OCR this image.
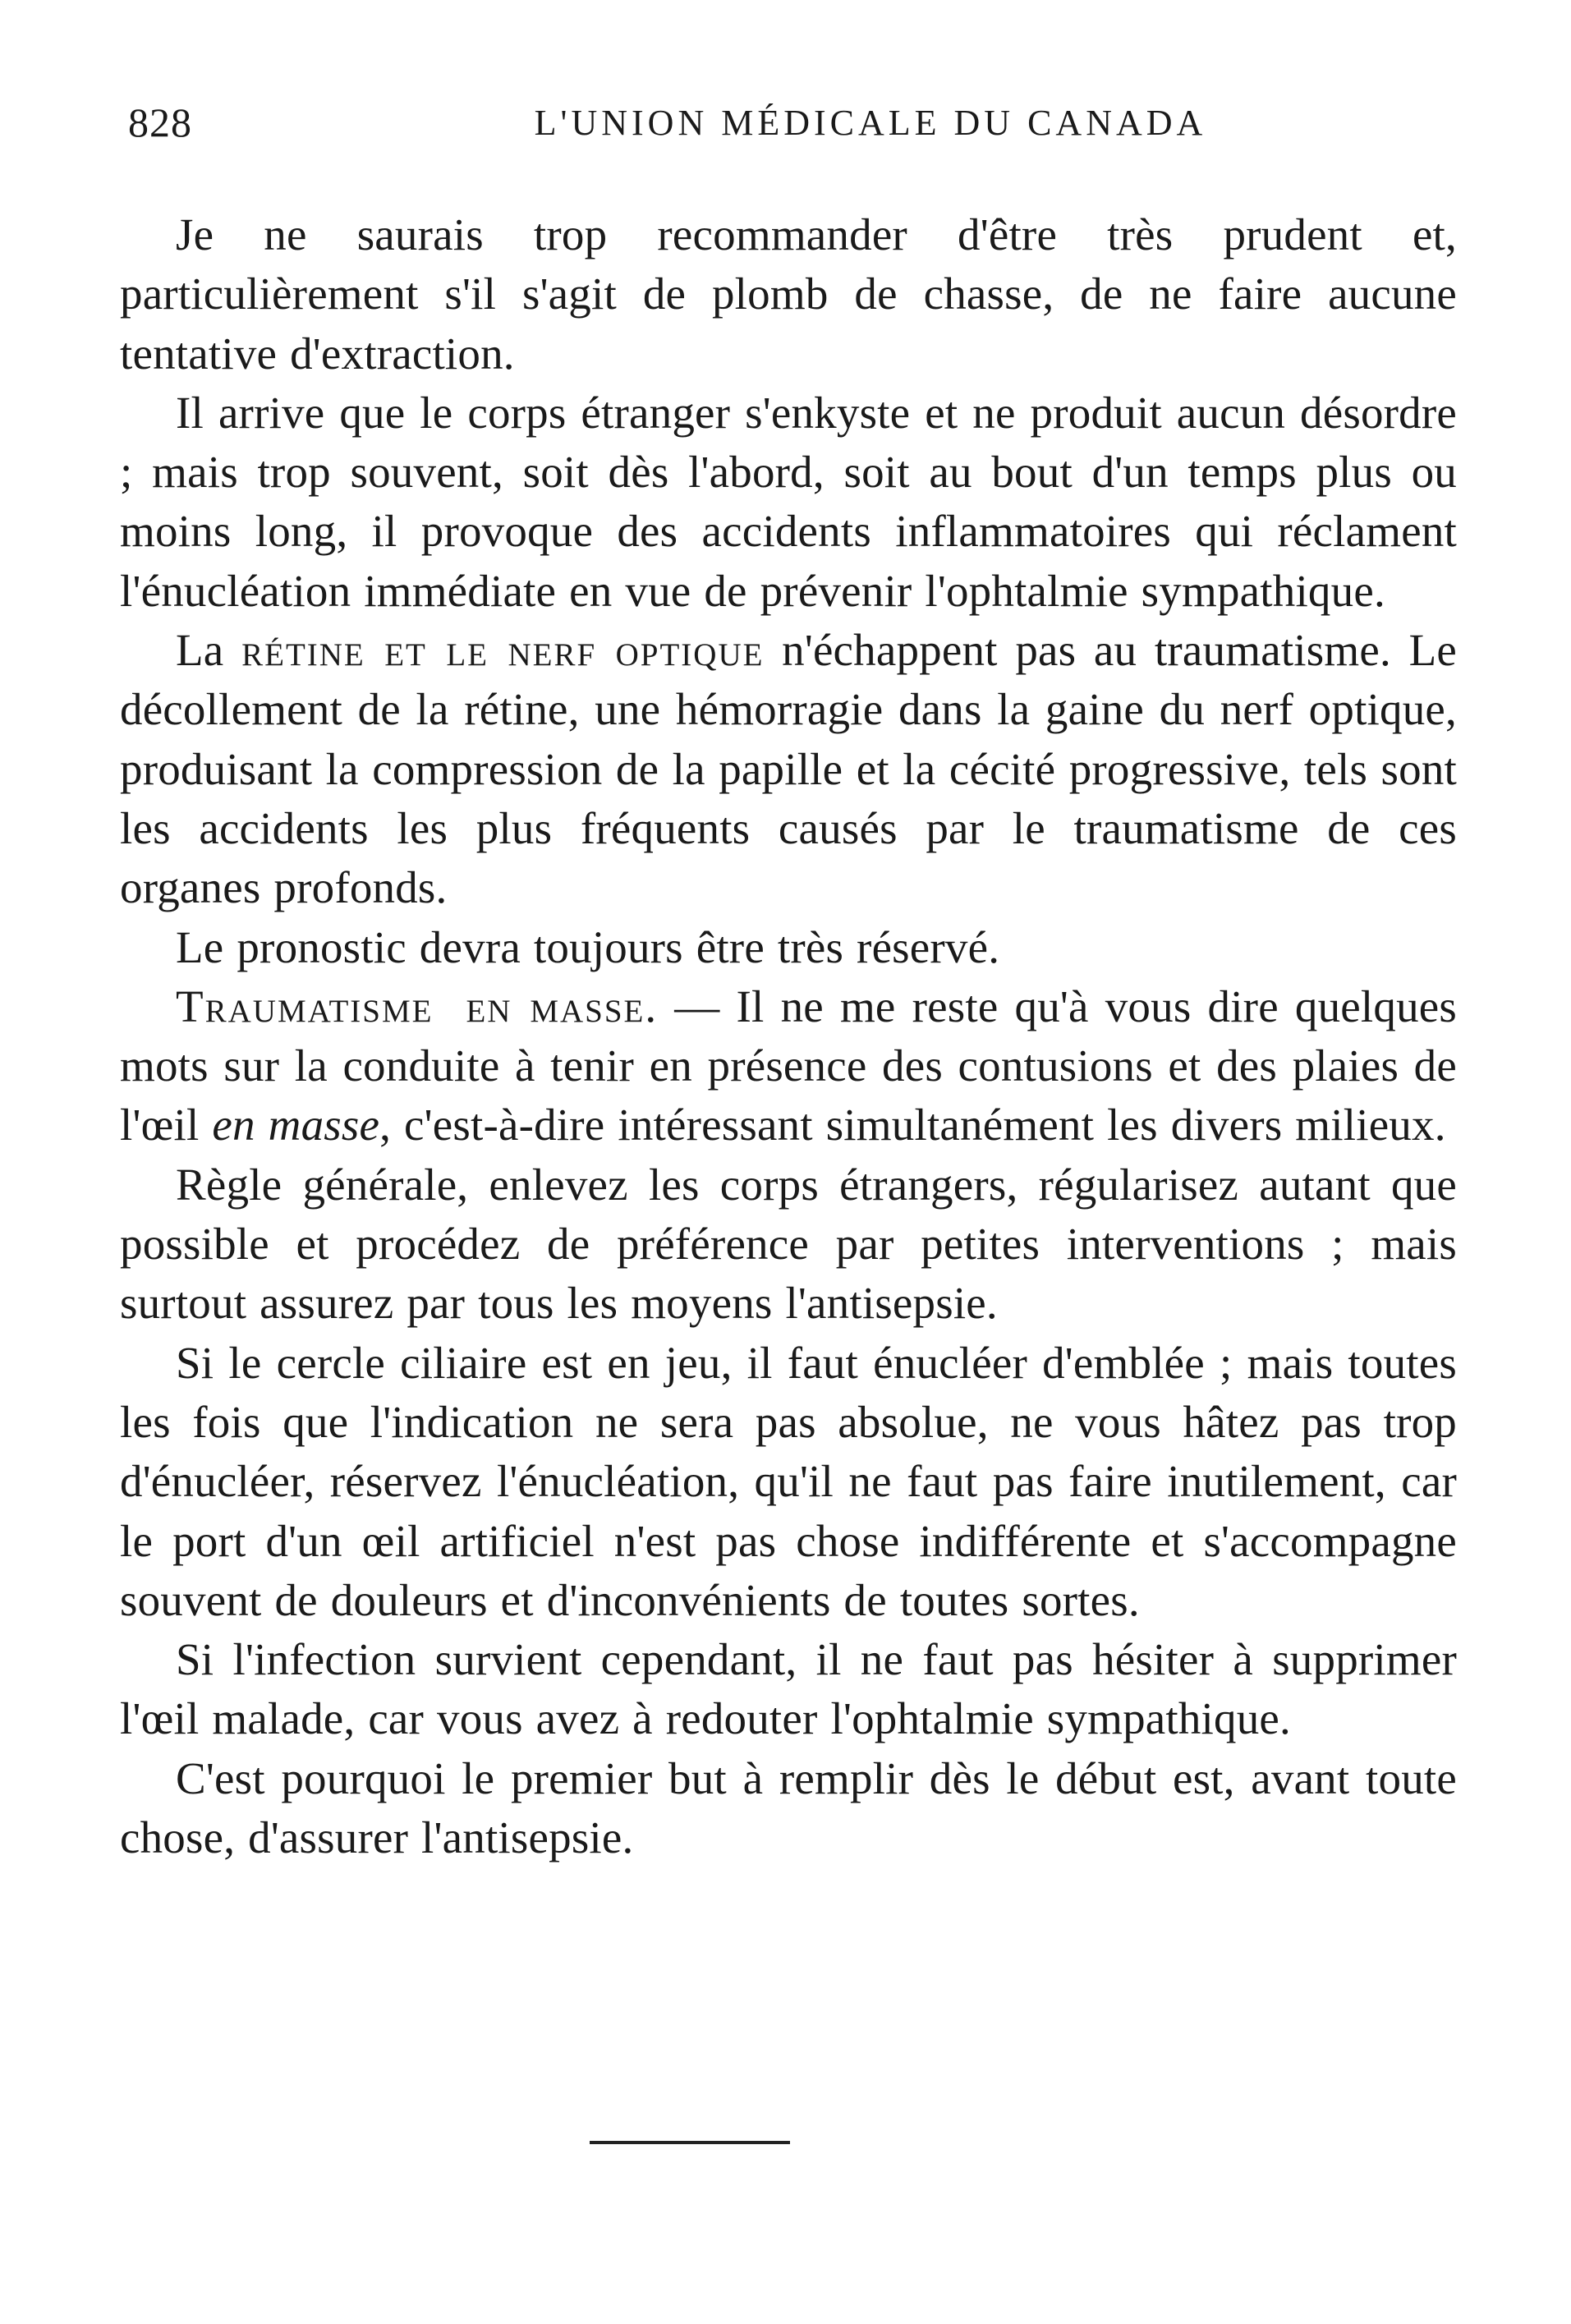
828	L'UNION MÉDICALE DU CANADA

Je ne saurais trop recommander d'être très prudent et, particulièrement s'il s'agit de plomb de chasse, de ne faire aucune tentative d'extraction.

Il arrive que le corps étranger s'enkyste et ne produit aucun désordre ; mais trop souvent, soit dès l'abord, soit au bout d'un temps plus ou moins long, il provoque des accidents inflammatoires qui réclament l'énucléation immédiate en vue de prévenir l'ophtalmie sympathique.

La rétine et le nerf optique n'échappent pas au traumatisme. Le décollement de la rétine, une hémorragie dans la gaine du nerf optique, produisant la compression de la papille et la cécité progressive, tels sont les accidents les plus fréquents causés par le traumatisme de ces organes profonds.

Le pronostic devra toujours être très réservé.

Traumatisme en masse. — Il ne me reste qu'à vous dire quelques mots sur la conduite à tenir en présence des contusions et des plaies de l'œil en masse, c'est-à-dire intéressant simultanément les divers milieux.

Règle générale, enlevez les corps étrangers, régularisez autant que possible et procédez de préférence par petites interventions ; mais surtout assurez par tous les moyens l'antisepsie.

Si le cercle ciliaire est en jeu, il faut énucléer d'emblée ; mais toutes les fois que l'indication ne sera pas absolue, ne vous hâtez pas trop d'énucléer, réservez l'énucléation, qu'il ne faut pas faire inutilement, car le port d'un œil artificiel n'est pas chose indifférente et s'accompagne souvent de douleurs et d'inconvénients de toutes sortes.

Si l'infection survient cependant, il ne faut pas hésiter à supprimer l'œil malade, car vous avez à redouter l'ophtalmie sympathique.

C'est pourquoi le premier but à remplir dès le début est, avant toute chose, d'assurer l'antisepsie.
